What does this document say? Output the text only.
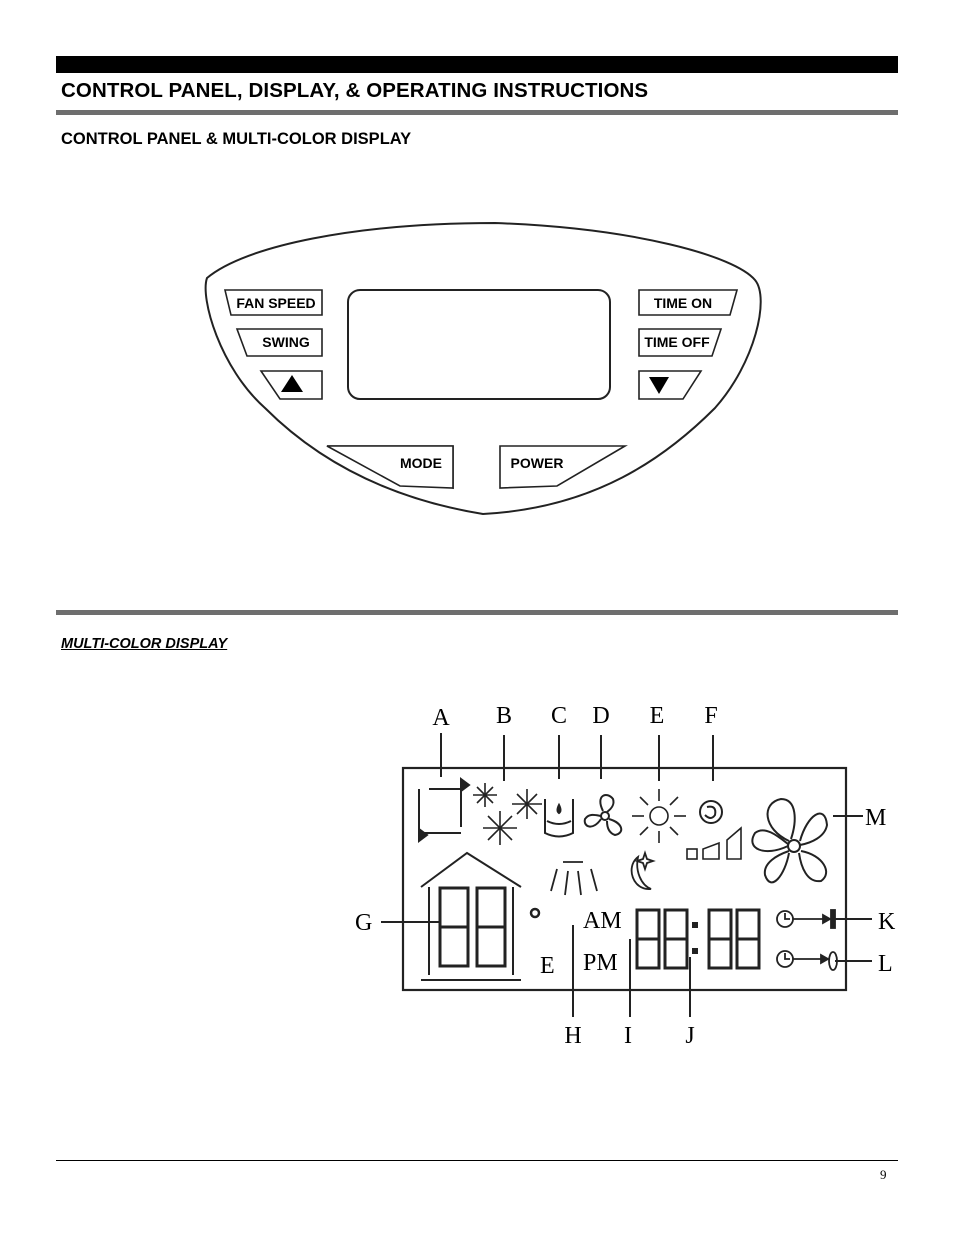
CONTROL PANEL, DISPLAY, & OPERATING INSTRUCTIONS
CONTROL PANEL & MULTI-COLOR DISPLAY
FAN SPEED
SWING
TIME ON
TIME OFF
MODE	POWER
MULTI-COLOR DISPLAY
E
AM
PM
A B C D E F
M
G	K
L
H I J
9
